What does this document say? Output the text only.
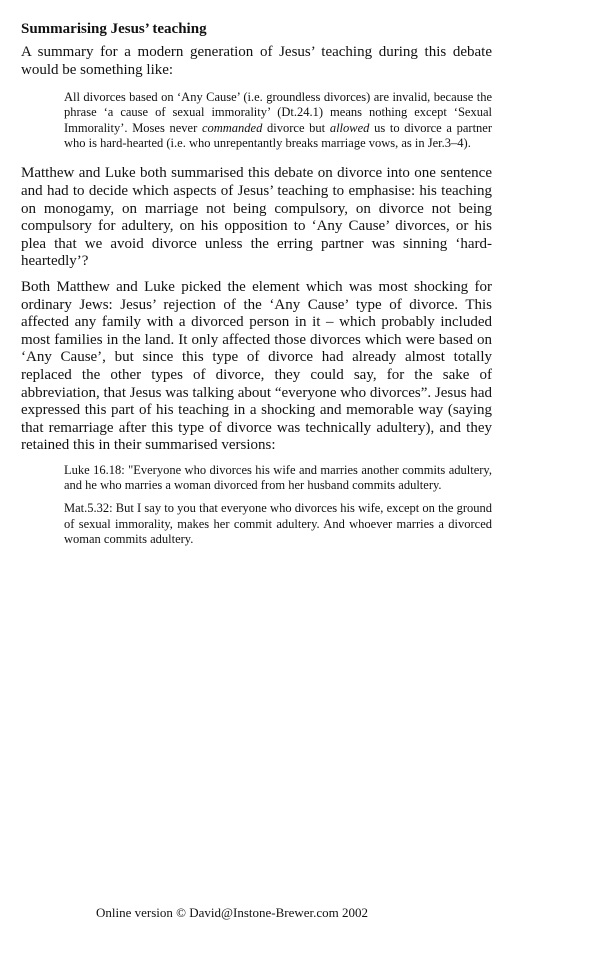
Summarising Jesus’ teaching

A summary for a modern generation of Jesus’ teaching during this debate would be something like:

All divorces based on ‘Any Cause’ (i.e. groundless divorces) are invalid, because the phrase ‘a cause of sexual immorality’ (Dt.24.1) means nothing except ‘Sexual Immorality’. Moses never commanded divorce but allowed us to divorce a partner who is hard-hearted (i.e. who unrepentantly breaks marriage vows, as in Jer.3–4).

Matthew and Luke both summarised this debate on divorce into one sentence and had to decide which aspects of Jesus’ teaching to emphasise: his teaching on monogamy, on marriage not being compulsory, on divorce not being compulsory for adultery, on his opposition to ‘Any Cause’ divorces, or his plea that we avoid divorce unless the erring partner was sinning ‘hard-heartedly’?

Both Matthew and Luke picked the element which was most shocking for ordinary Jews: Jesus’ rejection of the ‘Any Cause’ type of divorce. This affected any family with a divorced person in it – which probably included most families in the land. It only affected those divorces which were based on ‘Any Cause’, but since this type of divorce had already almost totally replaced the other types of divorce, they could say, for the sake of abbreviation, that Jesus was talking about “everyone who divorces”. Jesus had expressed this part of his teaching in a shocking and memorable way (saying that remarriage after this type of divorce was technically adultery), and they retained this in their summarised versions:

Luke 16.18: "Everyone who divorces his wife and marries another commits adultery, and he who marries a woman divorced from her husband commits adultery.

Mat.5.32: But I say to you that everyone who divorces his wife, except on the ground of sexual immorality, makes her commit adultery. And whoever marries a divorced woman commits adultery.

Online version © David@Instone-Brewer.com 2002
